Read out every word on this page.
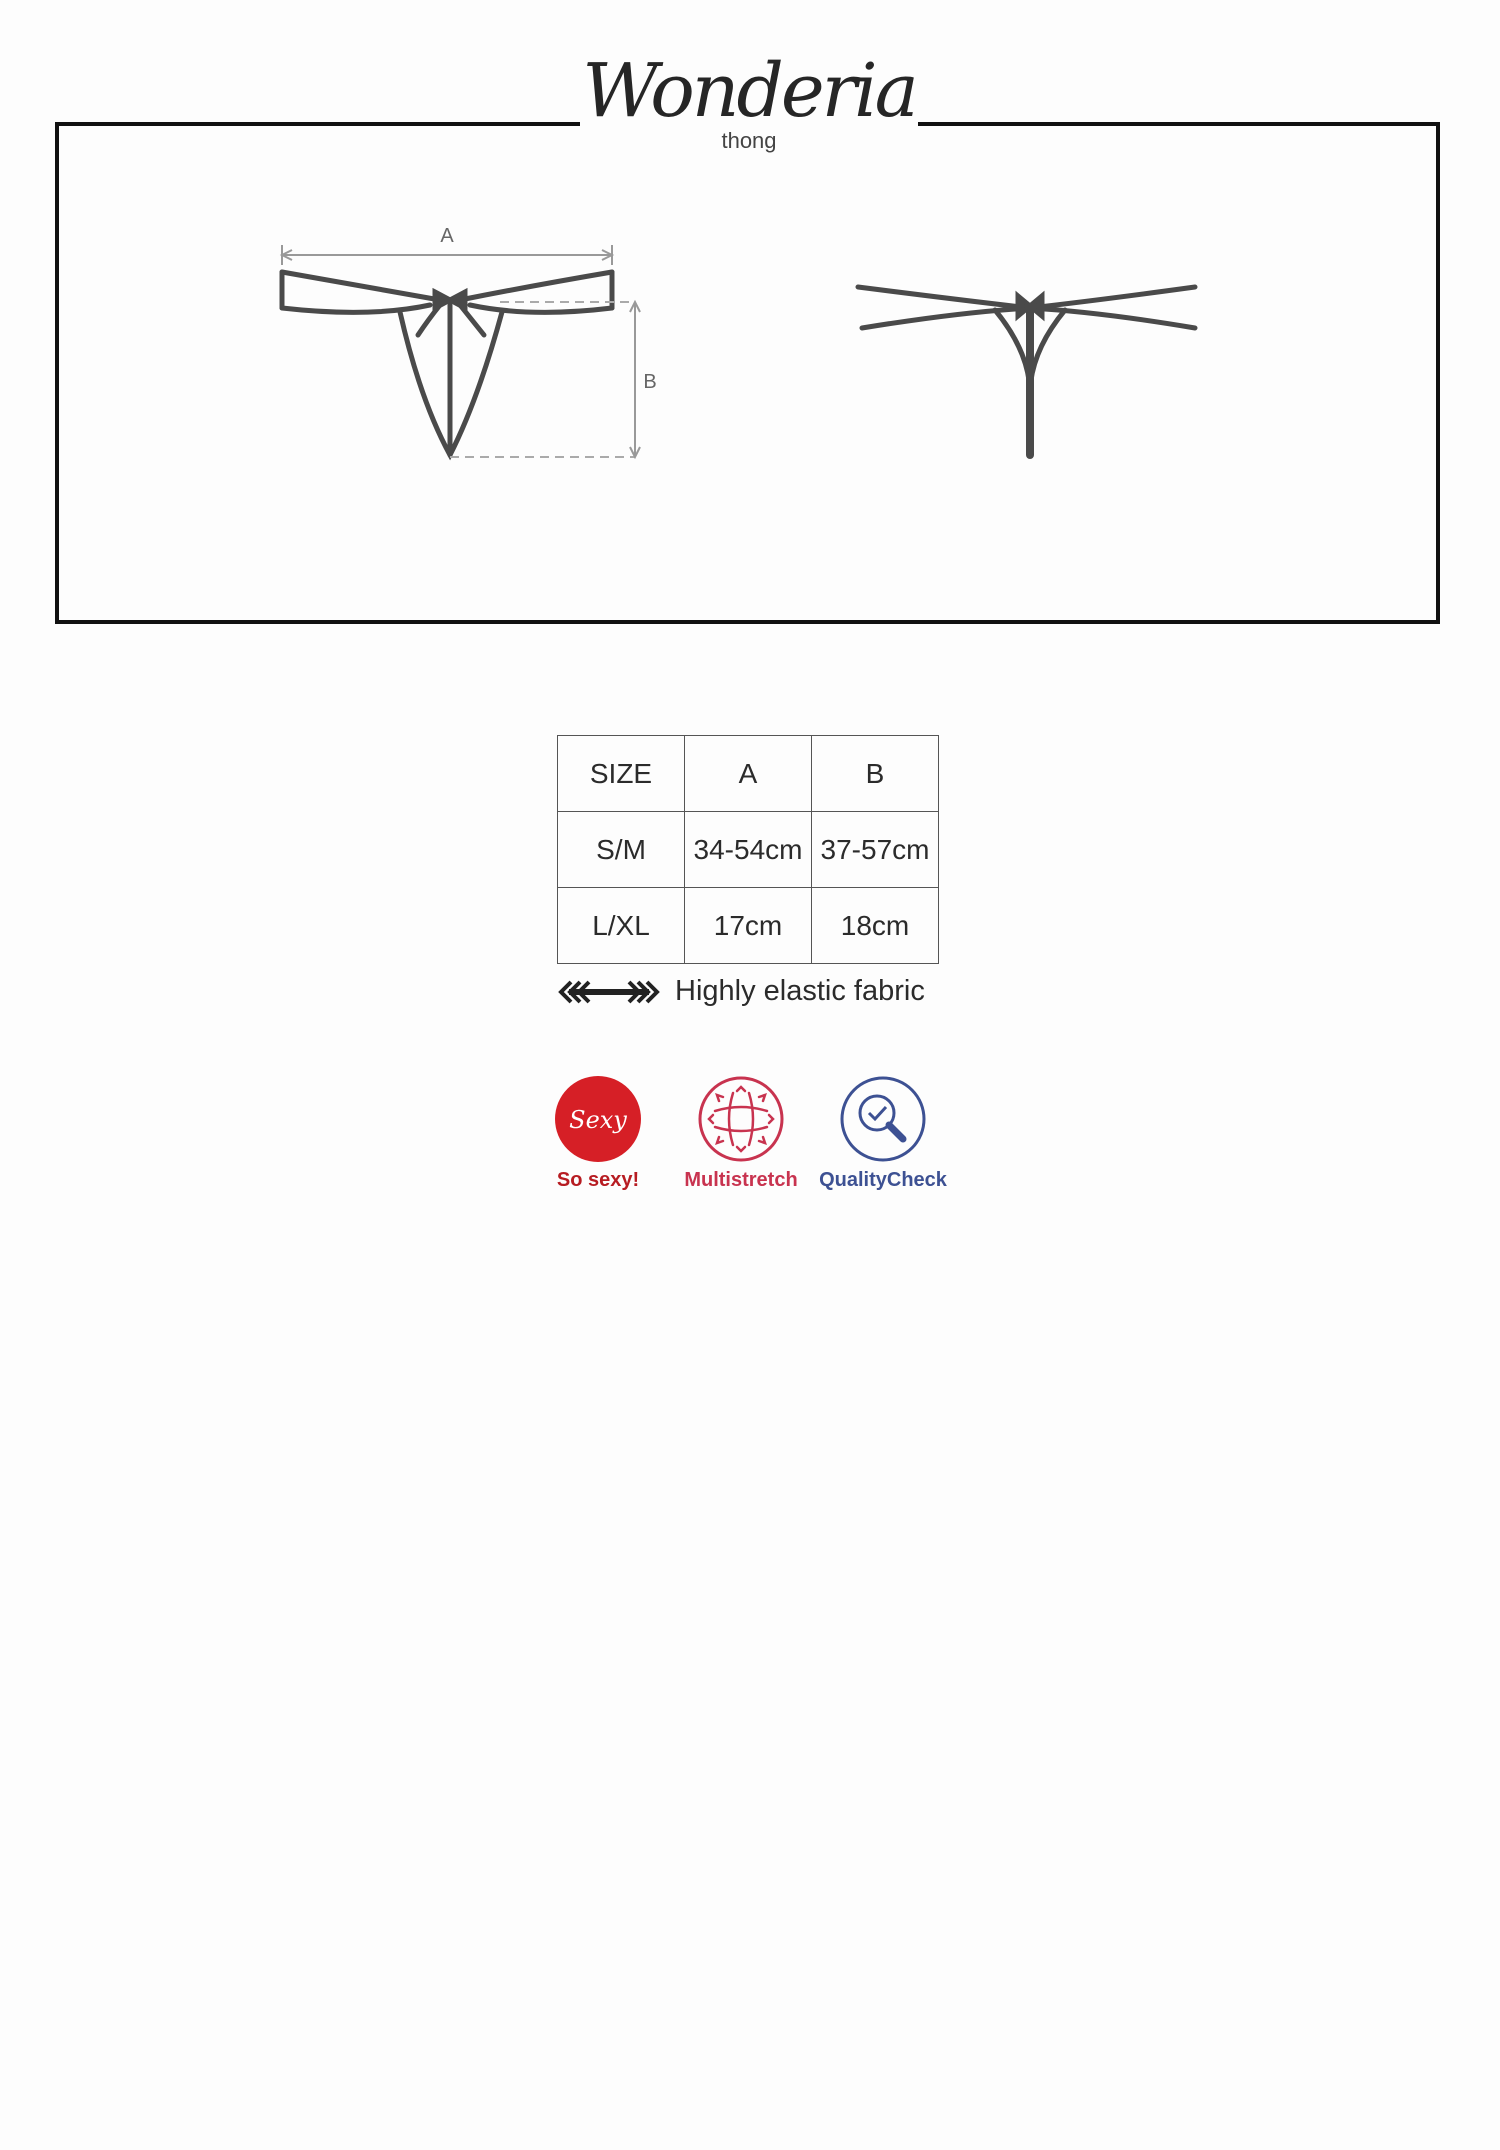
Wonderia
thong
A
B
SIZE	A	B
S/M	34-54cm	37-57cm
L/XL	17cm	18cm
Highly elastic fabric
Sexy
So sexy!	Multistretch	QualityCheck
